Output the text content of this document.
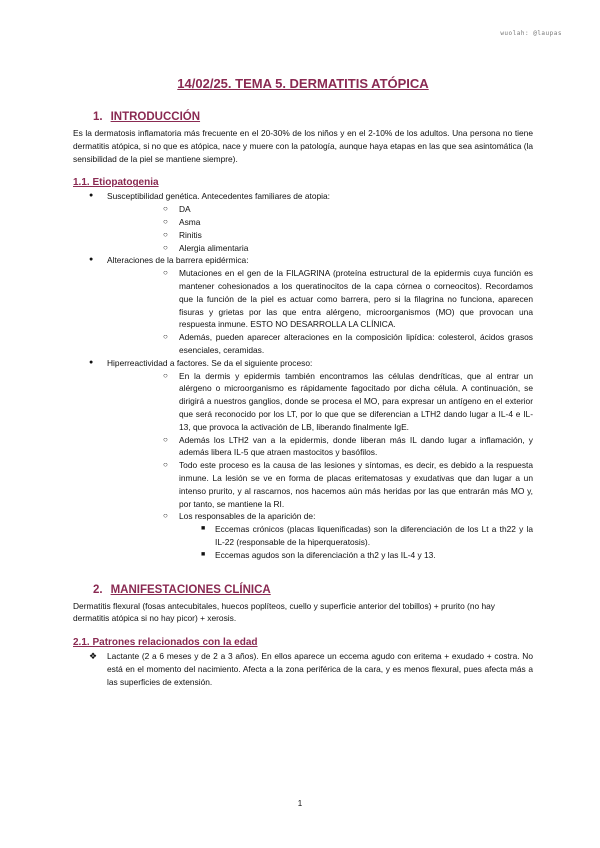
wuolah: @laupas
14/02/25. TEMA 5. DERMATITIS ATÓPICA
1. INTRODUCCIÓN

Es la dermatosis inflamatoria más frecuente en el 20-30% de los niños y en el 2-10% de los adultos. Una persona no tiene dermatitis atópica, si no que es atópica, nace y muere con la patología, aunque haya etapas en las que sea asintomática (la sensibilidad de la piel se mantiene siempre).

1.1. Etiopatogenia
● Susceptibilidad genética. Antecedentes familiares de atopia:
○ DA
○ Asma
○ Rinitis
○ Alergia alimentaria
● Alteraciones de la barrera epidérmica:
○ Mutaciones en el gen de la FILAGRINA (proteína estructural de la epidermis cuya función es mantener cohesionados a los queratinocitos de la capa córnea o corneocitos). Recordamos que la función de la piel es actuar como barrera, pero si la filagrina no funciona, aparecen fisuras y grietas por las que entra alérgeno, microorganismos (MO) que provocan una respuesta inmune. ESTO NO DESARROLLA LA CLÍNICA.
○ Además, pueden aparecer alteraciones en la composición lipídica: colesterol, ácidos grasos esenciales, ceramidas.
● Hiperreactividad a factores. Se da el siguiente proceso:
○ En la dermis y epidermis también encontramos las células dendríticas, que al entrar un alérgeno o microorganismo es rápidamente fagocitado por dicha célula. A continuación, se dirigirá a nuestros ganglios, donde se procesa el MO, para expresar un antígeno en el exterior que será reconocido por los LT, por lo que que se diferencian a LTH2 dando lugar a IL-4 e IL-13, que provoca la activación de LB, liberando finalmente IgE.
○ Además los LTH2 van a la epidermis, donde liberan más IL dando lugar a inflamación, y además libera IL-5 que atraen mastocitos y basófilos.
○ Todo este proceso es la causa de las lesiones y síntomas, es decir, es debido a la respuesta inmune. La lesión se ve en forma de placas eritematosas y exudativas que dan lugar a un intenso prurito, y al rascarnos, nos hacemos aún más heridas por las que entrarán más MO y, por tanto, se mantiene la RI.
○ Los responsables de la aparición de:
■ Eccemas crónicos (placas liquenificadas) son la diferenciación de los Lt a th22 y la IL-22 (responsable de la hiperqueratosis).
■ Eccemas agudos son la diferenciación a th2 y las IL-4 y 13.
2. MANIFESTACIONES CLÍNICA

Dermatitis flexural (fosas antecubitales, huecos poplíteos, cuello y superficie anterior del tobillos) + prurito (no hay dermatitis atópica si no hay picor) + xerosis.

2.1. Patrones relacionados con la edad
❖ Lactante (2 a 6 meses y de 2 a 3 años). En ellos aparece un eccema agudo con eritema + exudado + costra. No está en el momento del nacimiento. Afecta a la zona periférica de la cara, y es menos flexural, pues afecta más a las superficies de extensión.
1
